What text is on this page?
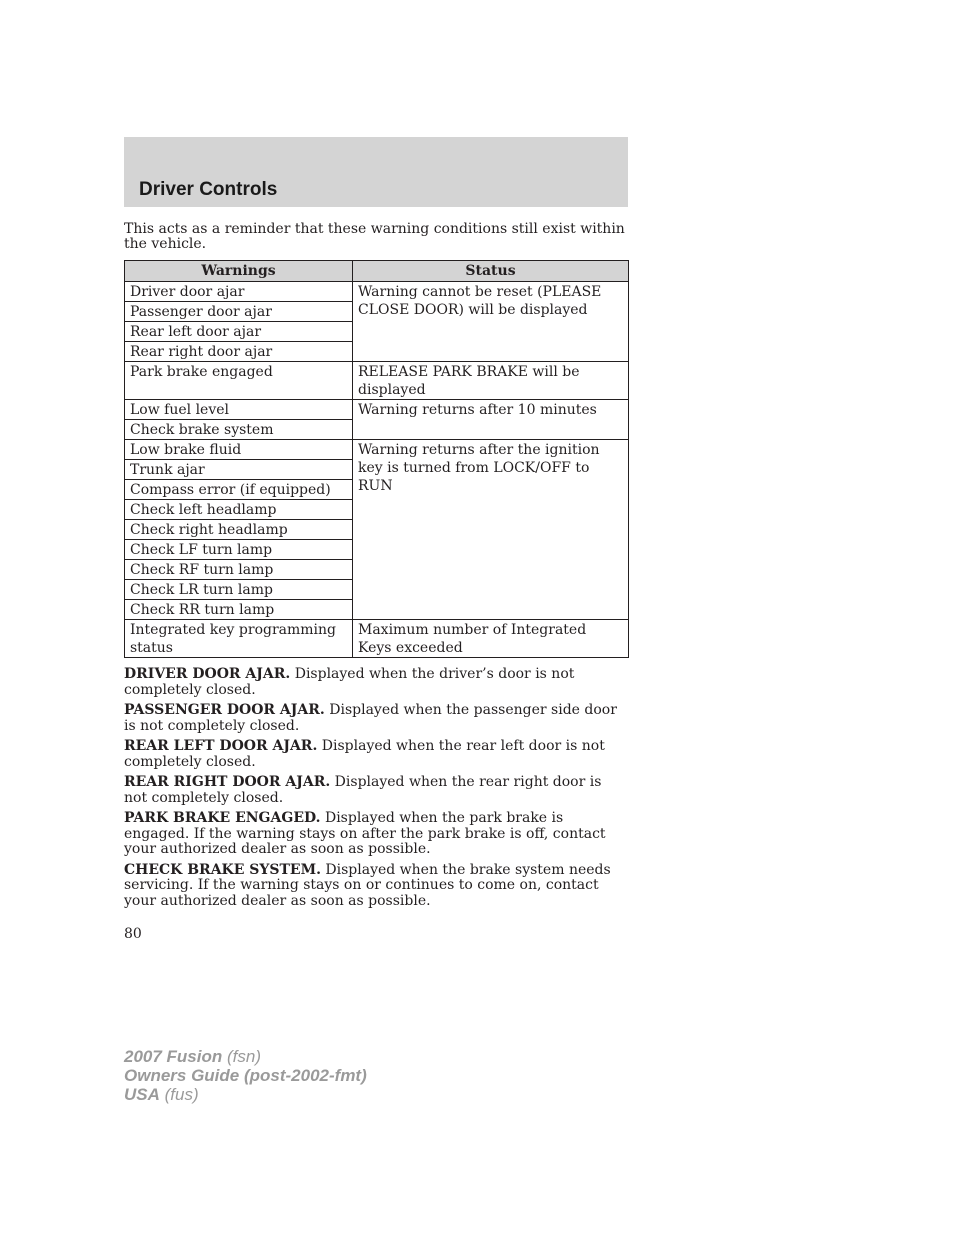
Driver Controls
This acts as a reminder that these warning conditions still exist within the vehicle.
Warnings	Status
Driver door ajar	Warning cannot be reset (PLEASE CLOSE DOOR) will be displayed
Passenger door ajar	
Rear left door ajar	
Rear right door ajar	
Park brake engaged	RELEASE PARK BRAKE will be displayed
Low fuel level	Warning returns after 10 minutes
Check brake system	
Low brake fluid	Warning returns after the ignition key is turned from LOCK/OFF to RUN
Trunk ajar	
Compass error (if equipped)	
Check left headlamp	
Check right headlamp	
Check LF turn lamp	
Check RF turn lamp	
Check LR turn lamp	
Check RR turn lamp	
Integrated key programming status	Maximum number of Integrated Keys exceeded

DRIVER DOOR AJAR. Displayed when the driver’s door is not completely closed.

PASSENGER DOOR AJAR. Displayed when the passenger side door is not completely closed.

REAR LEFT DOOR AJAR. Displayed when the rear left door is not completely closed.

REAR RIGHT DOOR AJAR. Displayed when the rear right door is not completely closed.

PARK BRAKE ENGAGED. Displayed when the park brake is engaged. If the warning stays on after the park brake is off, contact your authorized dealer as soon as possible.

CHECK BRAKE SYSTEM. Displayed when the brake system needs servicing. If the warning stays on or continues to come on, contact your authorized dealer as soon as possible.

80
2007 Fusion (fsn)
Owners Guide (post-2002-fmt)
USA (fus)
